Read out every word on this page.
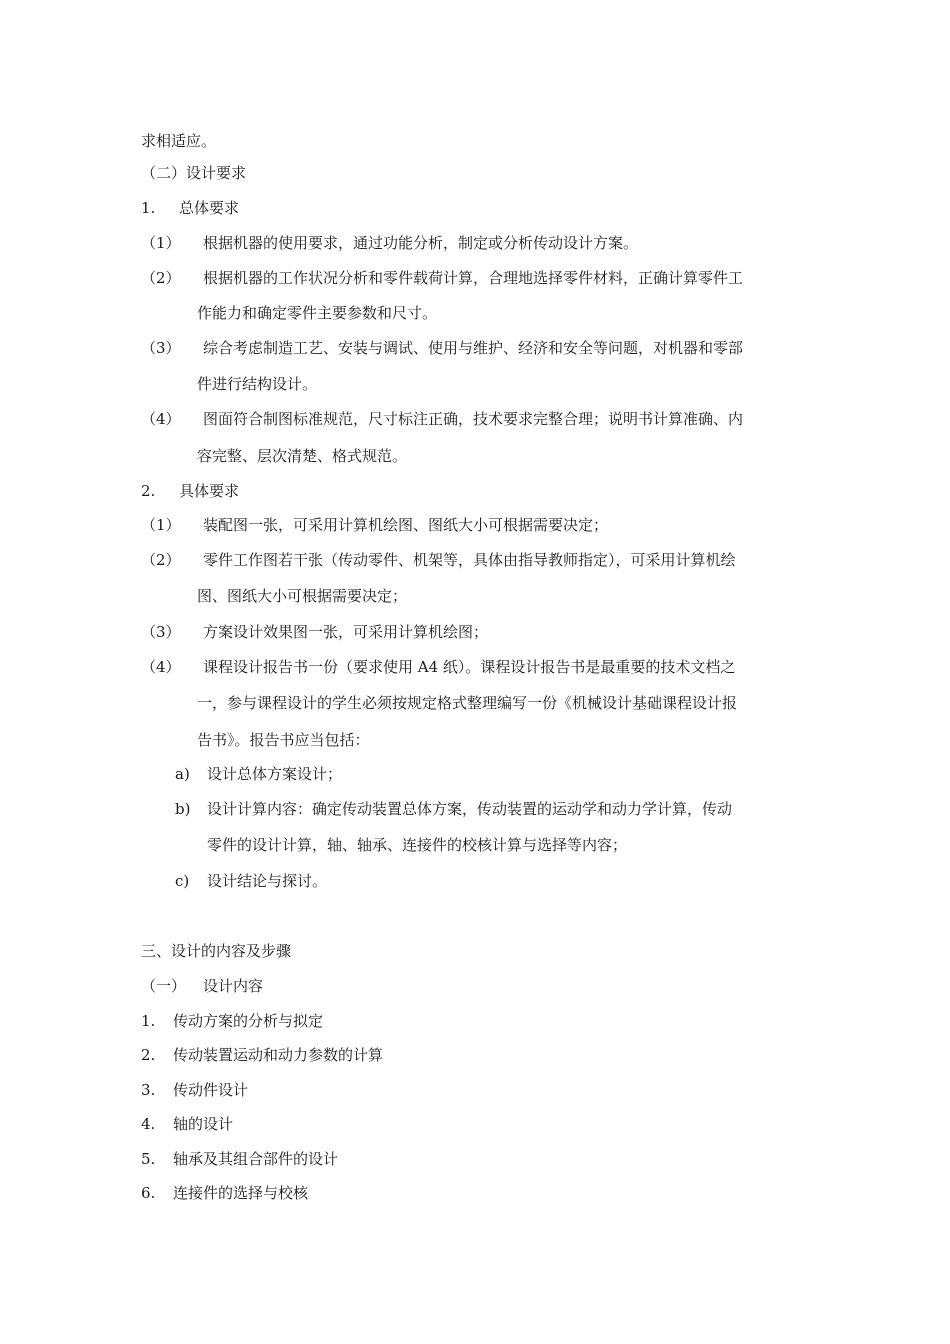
求相适应。
（二）设计要求
1. 总体要求
（1） 根据机器的使用要求，通过功能分析，制定或分析传动设计方案。
（2） 根据机器的工作状况分析和零件载荷计算，合理地选择零件材料，正确计算零件工
作能力和确定零件主要参数和尺寸。
（3） 综合考虑制造工艺、安装与调试、使用与维护、经济和安全等问题，对机器和零部
件进行结构设计。
（4） 图面符合制图标准规范，尺寸标注正确，技术要求完整合理；说明书计算准确、内
容完整、层次清楚、格式规范。
2. 具体要求
（1） 装配图一张，可采用计算机绘图、图纸大小可根据需要决定；
（2） 零件工作图若干张（传动零件、机架等，具体由指导教师指定），可采用计算机绘
图、图纸大小可根据需要决定；
（3） 方案设计效果图一张，可采用计算机绘图；
（4） 课程设计报告书一份（要求使用 A4 纸）。课程设计报告书是最重要的技术文档之
一，参与课程设计的学生必须按规定格式整理编写一份《机械设计基础课程设计报
告书》。报告书应当包括：
a) 设计总体方案设计；
b) 设计计算内容：确定传动装置总体方案，传动装置的运动学和动力学计算，传动
零件的设计计算，轴、轴承、连接件的校核计算与选择等内容；
c) 设计结论与探讨。
三、设计的内容及步骤
（一） 设计内容
1. 传动方案的分析与拟定
2. 传动装置运动和动力参数的计算
3. 传动件设计
4. 轴的设计
5. 轴承及其组合部件的设计
6. 连接件的选择与校核
